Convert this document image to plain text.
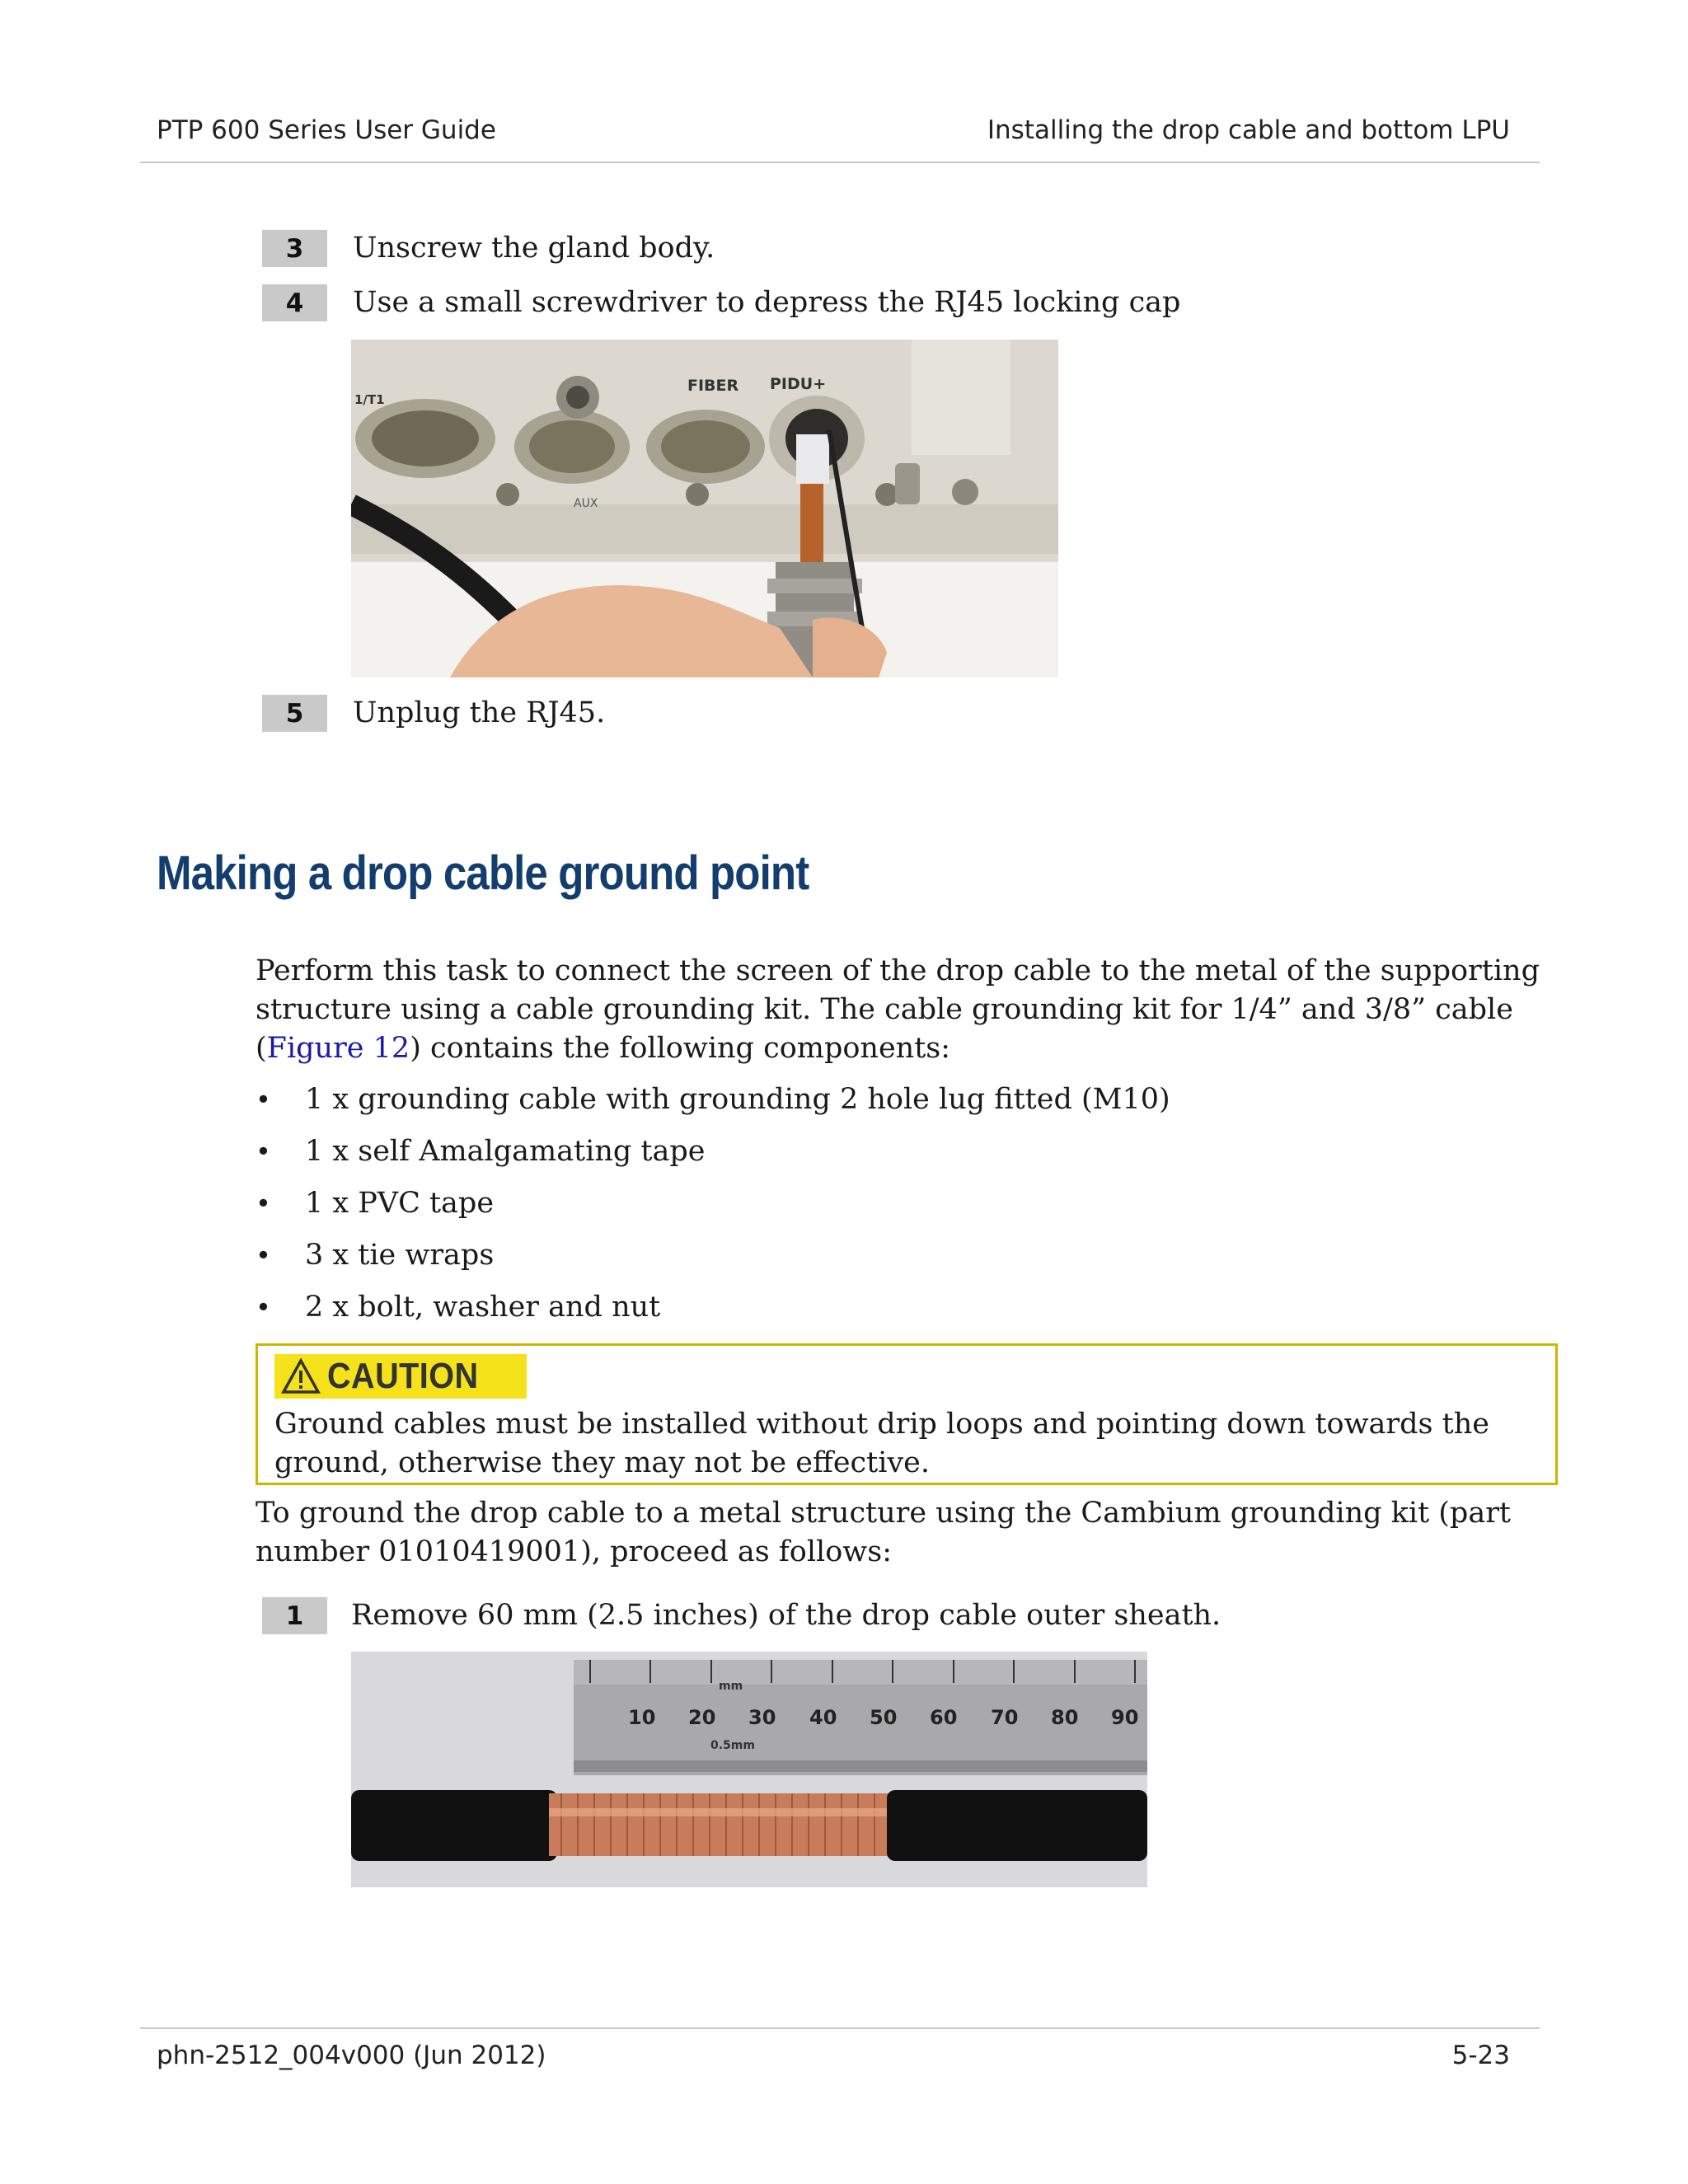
PTP 600 Series User Guide	Installing the drop cable and bottom LPU
3	Unscrew the gland body.
4	Use a small screwdriver to depress the RJ45 locking cap
1/T1
FIBER PIDU+
AUX
5	Unplug the RJ45.
Making a drop cable ground point
Perform this task to connect the screen of the drop cable to the metal of the supporting structure using a cable grounding kit. The cable grounding kit for 1/4” and 3/8” cable (Figure 12) contains the following components:
• 1 x grounding cable with grounding 2 hole lug fitted (M10)
• 1 x self Amalgamating tape
• 1 x PVC tape
• 3 x tie wraps
• 2 x bolt, washer and nut
CAUTION
Ground cables must be installed without drip loops and pointing down towards the ground, otherwise they may not be effective.
To ground the drop cable to a metal structure using the Cambium grounding kit (part number 01010419001), proceed as follows:
1	Remove 60 mm (2.5 inches) of the drop cable outer sheath.
mm
0.5mm
10 20 30 40 50 60 70 80 90
phn-2512_004v000 (Jun 2012)	5-23
